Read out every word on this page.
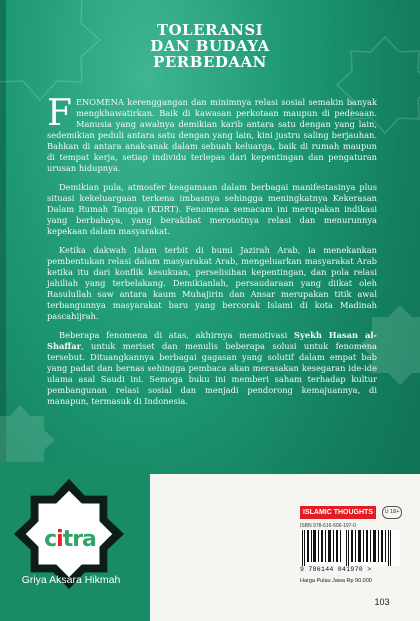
TOLERANSI
DAN BUDAYA
PERBEDAAN

FENOMENA kerenggangan dan minimnya relasi sosial semakin banyak mengkhawatirkan. Baik di kawasan perkotaan maupun di pedesaan. Manusia yang awalnya demikian karib antara satu dengan yang lain, sedemikian peduli antara satu dengan yang lain, kini justru saling berjauhan. Bahkan di antara anak-anak dalam sebuah keluarga, baik di rumah maupun di tempat kerja, setiap individu terlepas dari kepentingan dan pengaturan urusan hidupnya.

Demikian pula, atmosfer keagamaan dalam berbagai manifestasinya plus situasi kekeluargaan terkena imbasnya sehingga meningkatnya Kekerasan Dalam Rumah Tangga (KDRT). Fenomena semacam ini merupakan indikasi yang berbahaya, yang berakibat merosotnya relasi dan menurunnya kepekaan dalam masyarakat.

Ketika dakwah Islam terbit di bumi Jazirah Arab, ia menekankan pembentukan relasi dalam masyarakat Arab, mengeluarkan masyarakat Arab ketika itu dari konflik kesukuan, perselisihan kepentingan, dan pola relasi jahiliah yang terbelakang. Demikianlah, persaudaraan yang diikat oleh Rasulullah saw antara kaum Muhajirin dan Ansar merupakan titik awal terbangunnya masyarakat baru yang bercorak Islami di kota Madinah pascahijrah.

Beberapa fenomena di atas, akhirnya memotivasi Syekh Hasan al-Shaffar, untuk meriset dan menulis beberapa solusi untuk fenomena tersebut. Dituangkannya berbagai gagasan yang solutif dalam empat bab yang padat dan bernas sehingga pembaca akan merasakan kesegaran ide-ide ulama asal Saudi ini. Semoga buku ini memberi saham terhadap kultur pembangunan relasi sosial dan menjadi pendorong kemajuannya, di manapun, termasuk di Indonesia.

citra
Griya Aksara Hikmah
ISLAMIC THOUGHTS	U 18+
ISBN 978-616-606-197-0
9 786144 041970 >
Harga Pulau Jawa Rp 90.000
103
